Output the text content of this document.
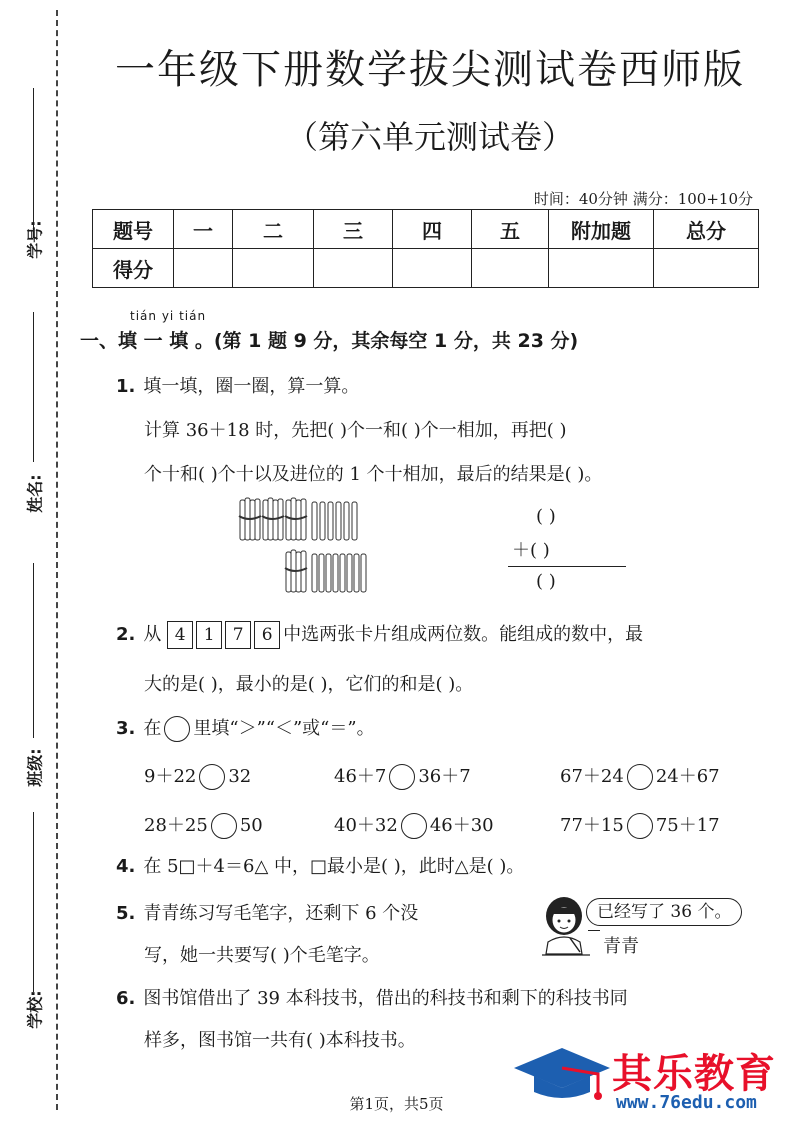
学号:
姓名:
班级:
学校:
一年级下册数学拔尖测试卷西师版
（第六单元测试卷）
时间：40分钟 满分：100+10分
题号	一	二	三	四	五	附加题	总分
得分							
tián yi tián
一、填 一 填 。(第 1 题 9 分，其余每空 1 分，共 23 分)
1. 填一填，圈一圈，算一算。
计算 36＋18 时，先把( )个一和( )个一相加，再把( )
个十和( )个十以及进位的 1 个十相加，最后的结果是( )。
( )
＋( )
( )
2. 从 4	1	7	6 中选两张卡片组成两位数。能组成的数中，最
大的是( )，最小的是( )，它们的和是( )。
3. 在 里填“＞”“＜”或“＝”。
9＋22 32	46＋7 36＋7	67＋24 24＋67
28＋25 50	40＋32 46＋30	77＋15 75＋17
4. 在 5□＋4＝6△ 中，□最小是( )，此时△是( )。
5. 青青练习写毛笔字，还剩下 6 个没
写，她一共要写( )个毛笔字。
已经写了 36 个。
青青
6. 图书馆借出了 39 本科技书，借出的科技书和剩下的科技书同
样多，图书馆一共有( )本科技书。
其乐教育
www.76edu.com
第1页，共5页
